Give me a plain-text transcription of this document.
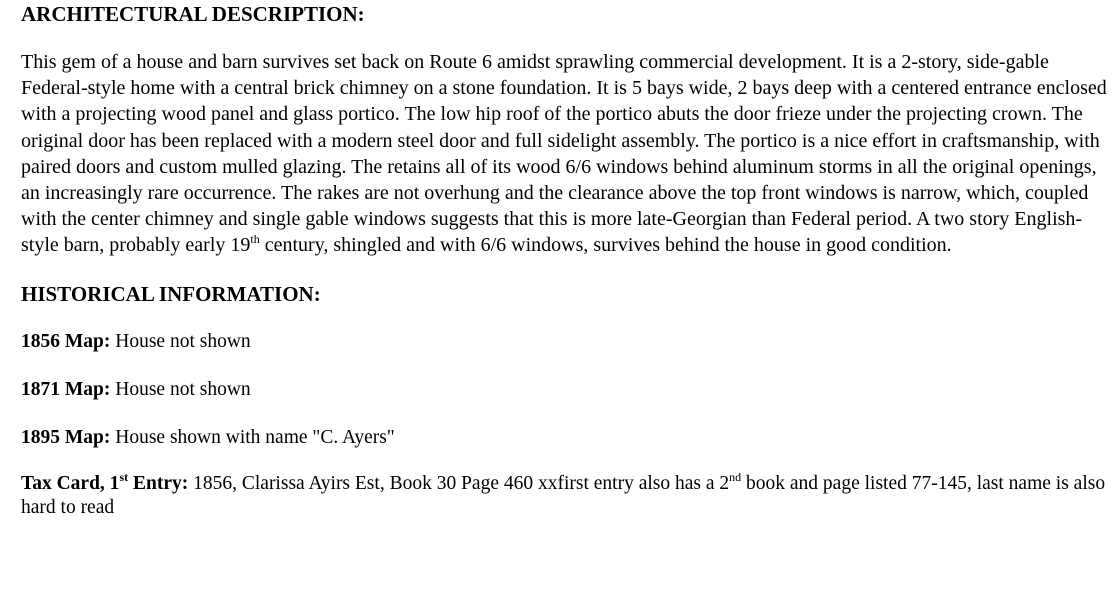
ARCHITECTURAL DESCRIPTION:

This gem of a house and barn survives set back on Route 6 amidst sprawling commercial development. It is a 2-story, side-gable Federal-style home with a central brick chimney on a stone foundation. It is 5 bays wide, 2 bays deep with a centered entrance enclosed with a projecting wood panel and glass portico. The low hip roof of the portico abuts the door frieze under the projecting crown. The original door has been replaced with a modern steel door and full sidelight assembly. The portico is a nice effort in craftsmanship, with paired doors and custom mulled glazing. The retains all of its wood 6/6 windows behind aluminum storms in all the original openings, an increasingly rare occurrence. The rakes are not overhung and the clearance above the top front windows is narrow, which, coupled with the center chimney and single gable windows suggests that this is more late-Georgian than Federal period. A two story English-style barn, probably early 19th century, shingled and with 6/6 windows, survives behind the house in good condition.

HISTORICAL INFORMATION:

1856 Map: House not shown

1871 Map: House not shown

1895 Map: House shown with name "C. Ayers"

Tax Card, 1st Entry: 1856, Clarissa Ayirs Est, Book 30 Page 460 xxfirst entry also has a 2nd book and page listed 77-145, last name is also hard to read
